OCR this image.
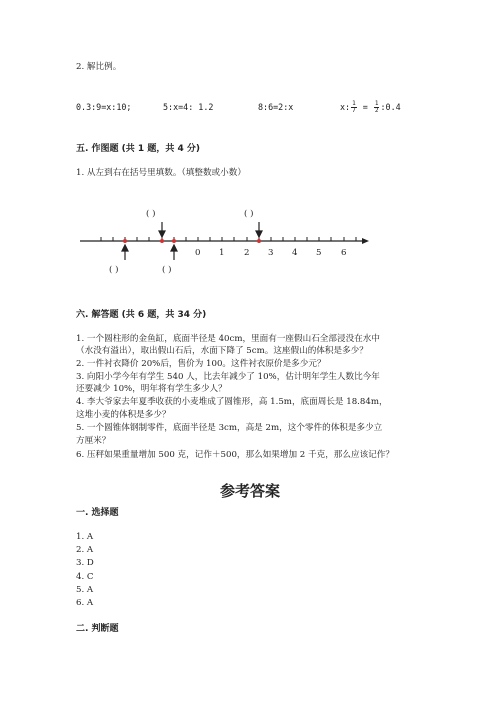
2. 解比例。
0.3:9=x:10;	5:x=4: 1.2	8:6=2:x	x: $\frac{1}{7} = \frac{1}{2}$ :0.4
五. 作图题 (共 1 题，共 4 分)
1. 从左到右在括号里填数。（填整数或小数）
( )	( )
( )	( )
0 1 2 3 4 5 6
六. 解答题 (共 6 题，共 34 分)
1. 一个圆柱形的金鱼缸，底面半径是 40cm，里面有一座假山石全部浸没在水中
（水没有溢出），取出假山石后，水面下降了 5cm。这座假山的体积是多少？
2. 一件衬衣降价 20%后，售价为 100。这件衬衣原价是多少元？
3. 向阳小学今年有学生 540 人，比去年减少了 10%，估计明年学生人数比今年
还要减少 10%，明年将有学生多少人？
4. 李大爷家去年夏季收获的小麦堆成了圆锥形，高 1.5m，底面周长是 18.84m，
这堆小麦的体积是多少？
5. 一个圆锥体钢制零件，底面半径是 3cm，高是 2m，这个零件的体积是多少立
方厘米？
6. 压秤如果重量增加 500 克，记作＋500，那么如果增加 2 千克，那么应该记作？
参考答案
一. 选择题
1. A
2. A
3. D
4. C
5. A
6. A
二. 判断题
